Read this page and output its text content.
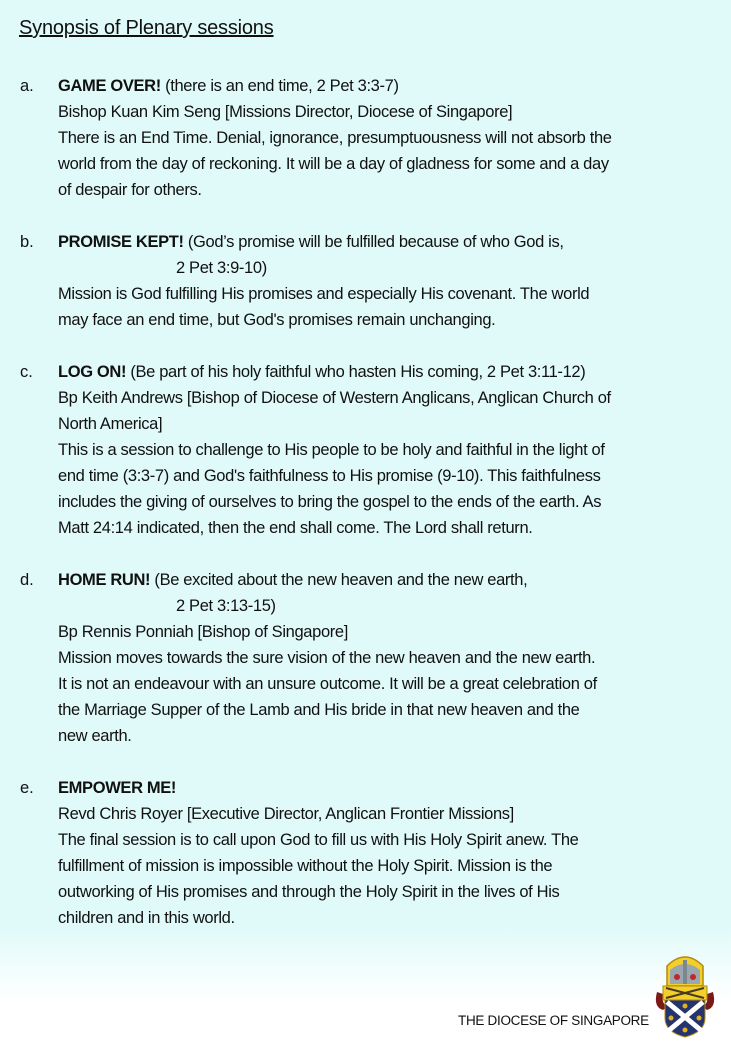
Synopsis of Plenary sessions
a. GAME OVER! (there is an end time, 2 Pet 3:3-7)
Bishop Kuan Kim Seng [Missions Director, Diocese of Singapore]
There is an End Time. Denial, ignorance, presumptuousness will not absorb the
world from the day of reckoning. It will be a day of gladness for some and a day
of despair for others.
b. PROMISE KEPT! (God’s promise will be fulfilled because of who God is,
2 Pet 3:9-10)
Mission is God fulfilling His promises and especially His covenant. The world
may face an end time, but God's promises remain unchanging.
c. LOG ON! (Be part of his holy faithful who hasten His coming, 2 Pet 3:11-12)
Bp Keith Andrews [Bishop of Diocese of Western Anglicans, Anglican Church of
North America]
This is a session to challenge to His people to be holy and faithful in the light of
end time (3:3-7) and God's faithfulness to His promise (9-10). This faithfulness
includes the giving of ourselves to bring the gospel to the ends of the earth. As
Matt 24:14 indicated, then the end shall come. The Lord shall return.
d. HOME RUN! (Be excited about the new heaven and the new earth,
2 Pet 3:13-15)
Bp Rennis Ponniah [Bishop of Singapore]
Mission moves towards the sure vision of the new heaven and the new earth.
It is not an endeavour with an unsure outcome. It will be a great celebration of
the Marriage Supper of the Lamb and His bride in that new heaven and the
new earth.
e. EMPOWER ME!
Revd Chris Royer [Executive Director, Anglican Frontier Missions]
The final session is to call upon God to fill us with His Holy Spirit anew. The
fulfillment of mission is impossible without the Holy Spirit. Mission is the
outworking of His promises and through the Holy Spirit in the lives of His
children and in this world.
THE DIOCESE OF SINGAPORE
